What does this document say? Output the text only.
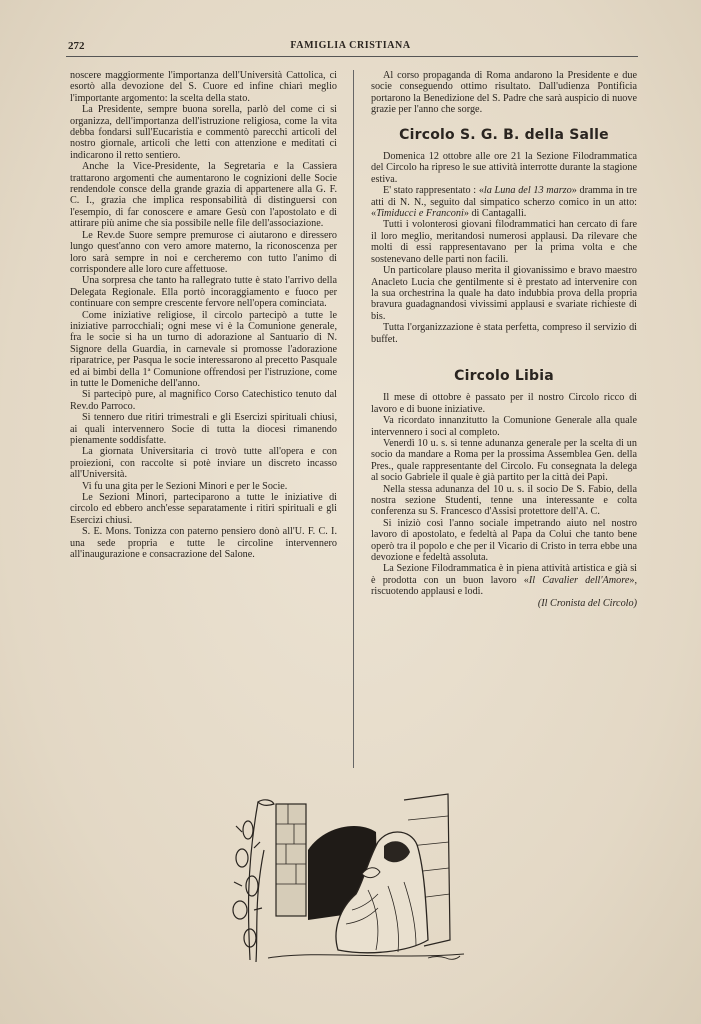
272	FAMIGLIA CRISTIANA

noscere maggiormente l'importanza dell'Università Cattolica, ci esortò alla devozione del S. Cuore ed infine chiarì meglio l'importante argomento: la scelta della stato.

La Presidente, sempre buona sorella, parlò del come ci si organizza, dell'importanza dell'istruzione religiosa, come la vita debba fondarsi sull'Eucaristia e commentò parecchi articoli del nostro giornale, articoli che letti con attenzione e meditati ci indicarono il retto sentiero.

Anche la Vice-Presidente, la Segretaria e la Cassiera trattarono argomenti che aumentarono le cognizioni delle Socie rendendole consce della grande grazia di appartenere alla G. F. C. I., grazia che implica responsabilità di distinguersi con l'esempio, di far conoscere e amare Gesù con l'apostolato e di attirare più anime che sia possibile nelle file dell'associazione.

Le Rev.de Suore sempre premurose ci aiutarono e diressero lungo quest'anno con vero amore materno, la riconoscenza per loro sarà sempre in noi e cercheremo con tutto l'animo di corrispondere alle loro cure affettuose.

Una sorpresa che tanto ha rallegrato tutte è stato l'arrivo della Delegata Regionale. Ella portò incoraggiamento e fuoco per continuare con sempre crescente fervore nell'opera cominciata.

Come iniziative religiose, il circolo partecipò a tutte le iniziative parrocchiali; ogni mese vi è la Comunione generale, fra le socie si ha un turno di adorazione al Santuario di N. Signore della Guardia, in carnevale si promosse l'adorazione riparatrice, per Pasqua le socie interessarono al precetto Pasquale ed ai bimbi della 1ª Comunione offrendosi per l'istruzione, come in tutte le Domeniche dell'anno.

Si partecipò pure, al magnifico Corso Catechistico tenuto dal Rev.do Parroco.

Si tennero due ritiri trimestrali e gli Esercizi spirituali chiusi, ai quali intervennero Socie di tutta la diocesi rimanendo pienamente soddisfatte.

La giornata Universitaria ci trovò tutte all'opera e con proiezioni, con raccolte si potè inviare un discreto incasso all'Università.

Vi fu una gita per le Sezioni Minori e per le Socie.

Le Sezioni Minori, parteciparono a tutte le iniziative di circolo ed ebbero anch'esse separatamente i ritiri spirituali e gli Esercizi chiusi.

S. E. Mons. Tonizza con paterno pensiero donò all'U. F. C. I. una sede propria e tutte le circoline intervennero all'inaugurazione e consacrazione del Salone.

Al corso propaganda di Roma andarono la Presidente e due socie conseguendo ottimo risultato. Dall'udienza Pontificia portarono la Benedizione del S. Padre che sarà auspicio di nuove grazie per l'anno che sorge.

Circolo S. G. B. della Salle

Domenica 12 ottobre alle ore 21 la Sezione Filodrammatica del Circolo ha ripreso le sue attività interrotte durante la stagione estiva.

E' stato rappresentato : «la Luna del 13 marzo» dramma in tre atti di N. N., seguito dal simpatico scherzo comico in un atto: «Timiducci e Franconi» di Cantagalli.

Tutti i volonterosi giovani filodrammatici han cercato di fare il loro meglio, meritandosi numerosi applausi. Da rilevare che molti di essi rappresentavano per la prima volta e che sostenevano delle parti non facili.

Un particolare plauso merita il giovanissimo e bravo maestro Anacleto Lucia che gentilmente si è prestato ad intervenire con la sua orchestrina la quale ha dato indubbia prova della propria bravura guadagnandosi vivissimi applausi e svariate richieste di bis.

Tutta l'organizzazione è stata perfetta, compreso il servizio di buffet.

Circolo Libia

Il mese di ottobre è passato per il nostro Circolo ricco di lavoro e di buone iniziative.

Va ricordato innanzitutto la Comunione Generale alla quale intervennero i soci al completo.

Venerdì 10 u. s. si tenne adunanza generale per la scelta di un socio da mandare a Roma per la prossima Assemblea Gen. della Pres., quale rappresentante del Circolo. Fu consegnata la delega al socio Gabriele il quale è già partito per la città dei Papi.

Nella stessa adunanza del 10 u. s. il socio De S. Fabio, della nostra sezione Studenti, tenne una interessante e colta conferenza su S. Francesco d'Assisi protettore dell'A. C.

Si iniziò così l'anno sociale impetrando aiuto nel nostro lavoro di apostolato, e fedeltà al Papa da Colui che tanto bene operò tra il popolo e che per il Vicario di Cristo in terra ebbe una devozione e fedeltà assoluta.

La Sezione Filodrammatica è in piena attività artistica e già si è prodotta con un buon lavoro «Il Cavalier dell'Amore», riscuotendo applausi e lodi.

(Il Cronista del Circolo)
